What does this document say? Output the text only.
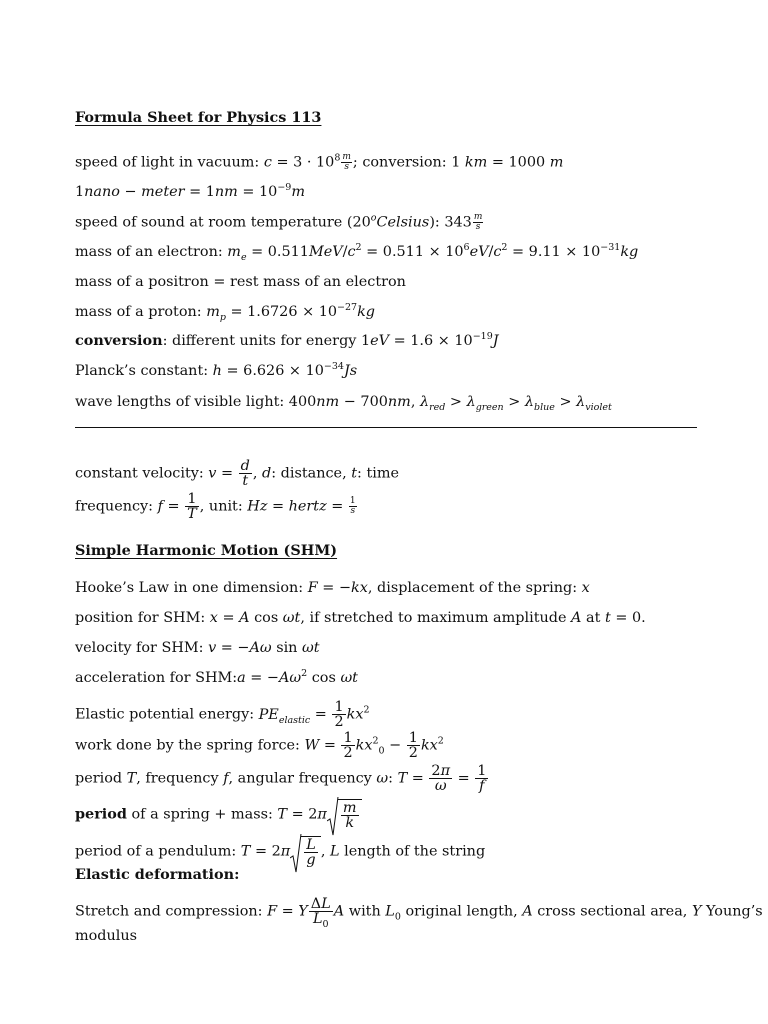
Formula Sheet for Physics 113
speed of light in vacuum: $c = 3 \cdot 10^8 \frac{m}{s}$ ; conversion: 1 km = 1000 m
1nano − meter = $1nm = 10^{-9}m$
speed of sound at room temperature (20$^o$Celsius): $343 \frac{m}{s}$
mass of an electron: $m_e = 0.511MeV/c^2 = 0.511 \times 10^6eV/c^2 = 9.11 \times 10^{-31}kg$
mass of a positron = rest mass of an electron
mass of a proton: $m_p = 1.6726 \times 10^{-27}kg$
conversion: different units for energy $1eV = 1.6 \times 10^{-19}J$
Planck’s constant: $h = 6.626 \times 10^{-34}Js$
wave lengths of visible light: 400nm − 700nm, $\lambda_{red} > \lambda_{green} > \lambda_{blue} > \lambda_{violet}$
constant velocity: $v = \frac{d}{t}$ , d: distance, t: time
frequency: $f = \frac{1}{T}$ , unit: Hz = hertz = $\frac{1}{s}$
Simple Harmonic Motion (SHM)
Hooke’s Law in one dimension: F = −kx, displacement of the spring: x
position for SHM: x = A cos ωt, if stretched to maximum amplitude A at t = 0.
velocity for SHM: v = −Aω sin ωt
acceleration for SHM:a = $-A\omega^2$ cos ωt
Elastic potential energy: $PE_{elastic} = \frac{1}{2} kx^2$
work done by the spring force: $W = \frac{1}{2} kx^2_0 - \frac{1}{2} kx^2$
period T, frequency f, angular frequency ω: $T = \frac{2\pi}{\omega} = \frac{1}{f}$
period of a spring + mass: $T = 2\pi \frac{m}{k}$
period of a pendulum: $T = 2\pi \frac{L}{g}$ , L length of the string
Elastic deformation:
Stretch and compression: F = Y $\frac{\Delta L}{L_0}$ A with $L_0$ original length, A cross sectional area, Y Young’s
modulus
